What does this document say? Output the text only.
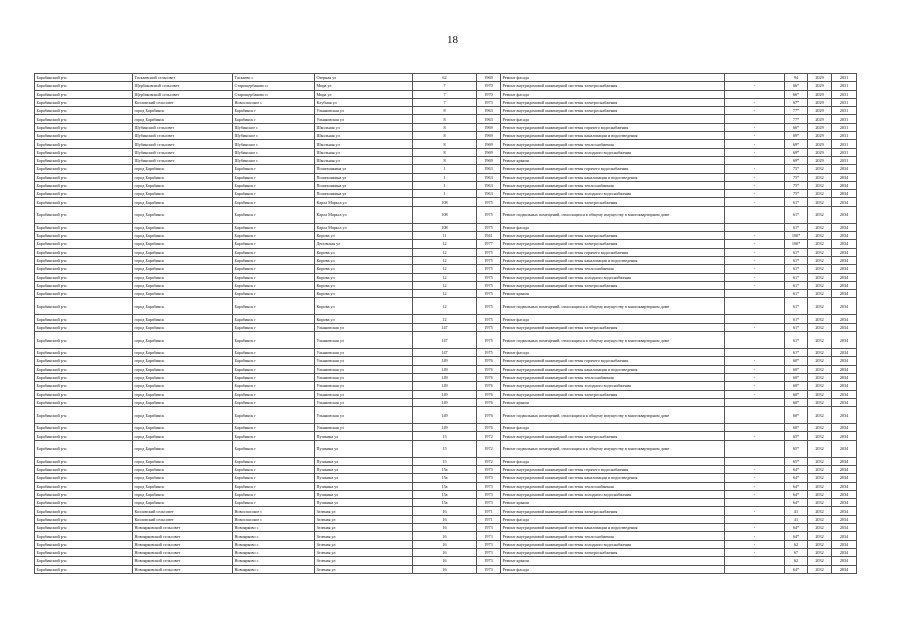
18
Барабинский р-н	Таскаевский сельсовет	Таскаево с	Озерная ул	62	1969	Ремонт фасада		94	2029	2031
Барабинский р-н	Щербаковский сельсовет	Старощербаково п	Мира ул	7	1970	Ремонт внутридомовой инженерной системы электроснабжения	-	66*	2029	2031
Барабинский р-н	Щербаковский сельсовет	Старощербаково п	Мира ул	7	1970	Ремонт фасада		66*	2029	2031
Барабинский р-н	Козловский сельсовет	Новоспасское с	Клубная ул	7	1973	Ремонт внутридомовой инженерной системы электроснабжения	-	67*	2029	2031
Барабинский р-н	город Барабинск	Барабинск г	Ульяновская ул	8	1963	Ремонт внутридомовой инженерной системы электроснабжения	-	77*	2029	2031
Барабинский р-н	город Барабинск	Барабинск г	Ульяновская ул	8	1963	Ремонт фасада		77*	2029	2031
Барабинский р-н	Шубинский сельсовет	Шубинское с	Школьная ул	8	1969	Ремонт внутридомовой инженерной системы горячего водоснабжения	-	66*	2029	2031
Барабинский р-н	Шубинский сельсовет	Шубинское с	Школьная ул	8	1969	Ремонт внутридомовой инженерной системы канализации и водоотведения	-	69*	2029	2031
Барабинский р-н	Шубинский сельсовет	Шубинское с	Школьная ул	8	1969	Ремонт внутридомовой инженерной системы теплоснабжения	-	69*	2029	2031
Барабинский р-н	Шубинский сельсовет	Шубинское с	Школьная ул	8	1969	Ремонт внутридомовой инженерной системы холодного водоснабжения	-	69*	2029	2031
Барабинский р-н	Шубинский сельсовет	Шубинское с	Школьная ул	8	1969	Ремонт крыши		69*	2029	2031
Барабинский р-н	город Барабинск	Барабинск г	Пошехонкина ул	1	1963	Ремонт внутридомовой инженерной системы горячего водоснабжения	-	75*	2032	2034
Барабинский р-н	город Барабинск	Барабинск г	Пошехонкина ул	1	1963	Ремонт внутридомовой инженерной системы канализации и водоотведения	-	75*	2032	2034
Барабинский р-н	город Барабинск	Барабинск г	Пошехонкина ул	1	1963	Ремонт внутридомовой инженерной системы теплоснабжения	-	75*	2032	2034
Барабинский р-н	город Барабинск	Барабинск г	Пошехонкина ул	1	1963	Ремонт внутридомовой инженерной системы холодного водоснабжения	-	75*	2032	2034
Барабинский р-н	город Барабинск	Барабинск г	Карла Маркса ул	108	1975	Ремонт внутридомовой инженерной системы электроснабжения	-	61*	2032	2034
Барабинский р-н	город Барабинск	Барабинск г	Карла Маркса ул	108	1975	Ремонт подвальных помещений, относящихся к общему имуществу в многоквартирном доме		61*	2032	2034
Барабинский р-н	город Барабинск	Барабинск г	Карла Маркса ул	108	1975	Ремонт фасада		61*	2032	2034
Барабинский р-н	город Барабинск	Барабинск г	Кирова ул	11	1941	Ремонт внутридомовой инженерной системы электроснабжения	-	100*	2032	2034
Барабинский р-н	город Барабинск	Барабинск г	Деповская ул	12	1977	Ремонт внутридомовой инженерной системы электроснабжения	-	100*	2032	2034
Барабинский р-н	город Барабинск	Барабинск г	Кирова ул	12	1975	Ремонт внутридомовой инженерной системы горячего водоснабжения	-	61*	2032	2034
Барабинский р-н	город Барабинск	Барабинск г	Кирова ул	12	1975	Ремонт внутридомовой инженерной системы канализации и водоотведения	-	61*	2032	2034
Барабинский р-н	город Барабинск	Барабинск г	Кирова ул	12	1975	Ремонт внутридомовой инженерной системы теплоснабжения	-	61*	2032	2034
Барабинский р-н	город Барабинск	Барабинск г	Кирова ул	12	1975	Ремонт внутридомовой инженерной системы холодного водоснабжения	-	61*	2032	2034
Барабинский р-н	город Барабинск	Барабинск г	Кирова ул	12	1975	Ремонт внутридомовой инженерной системы электроснабжения	-	61*	2032	2034
Барабинский р-н	город Барабинск	Барабинск г	Кирова ул	12	1975	Ремонт крыши		61*	2032	2034
Барабинский р-н	город Барабинск	Барабинск г	Кирова ул	12	1975	Ремонт подвальных помещений, относящихся к общему имуществу в многоквартирном доме		61*	2032	2034
Барабинский р-н	город Барабинск	Барабинск г	Кирова ул	12	1975	Ремонт фасада		61*	2032	2034
Барабинский р-н	город Барабинск	Барабинск г	Ульяновская ул	147	1975	Ремонт внутридомовой инженерной системы электроснабжения	-	61*	2032	2034
Барабинский р-н	город Барабинск	Барабинск г	Ульяновская ул	147	1975	Ремонт подвальных помещений, относящихся к общему имуществу в многоквартирном доме		61*	2032	2034
Барабинский р-н	город Барабинск	Барабинск г	Ульяновская ул	147	1975	Ремонт фасада		61*	2032	2034
Барабинский р-н	город Барабинск	Барабинск г	Ульяновская ул	149	1976	Ремонт внутридомовой инженерной системы горячего водоснабжения	-	60*	2032	2034
Барабинский р-н	город Барабинск	Барабинск г	Ульяновская ул	149	1976	Ремонт внутридомовой инженерной системы канализации и водоотведения	-	60*	2032	2034
Барабинский р-н	город Барабинск	Барабинск г	Ульяновская ул	149	1976	Ремонт внутридомовой инженерной системы теплоснабжения	-	60*	2032	2034
Барабинский р-н	город Барабинск	Барабинск г	Ульяновская ул	149	1976	Ремонт внутридомовой инженерной системы холодного водоснабжения	-	60*	2032	2034
Барабинский р-н	город Барабинск	Барабинск г	Ульяновская ул	149	1976	Ремонт внутридомовой инженерной системы электроснабжения	-	60*	2032	2034
Барабинский р-н	город Барабинск	Барабинск г	Ульяновская ул	149	1976	Ремонт крыши		60*	2032	2034
Барабинский р-н	город Барабинск	Барабинск г	Ульяновская ул	149	1976	Ремонт подвальных помещений, относящихся к общему имуществу в многоквартирном доме		60*	2032	2034
Барабинский р-н	город Барабинск	Барабинск г	Ульяновская ул	149	1976	Ремонт фасада		60*	2032	2034
Барабинский р-н	город Барабинск	Барабинск г	Пушкина ул	15	1972	Ремонт внутридомовой инженерной системы электроснабжения	-	65*	2032	2034
Барабинский р-н	город Барабинск	Барабинск г	Пушкина ул	15	1972	Ремонт подвальных помещений, относящихся к общему имуществу в многоквартирном доме		65*	2032	2034
Барабинский р-н	город Барабинск	Барабинск г	Пушкина ул	15	1972	Ремонт фасада		65*	2032	2034
Барабинский р-н	город Барабинск	Барабинск г	Пушкина ул	15а	1973	Ремонт внутридомовой инженерной системы горячего водоснабжения	-	64*	2032	2034
Барабинский р-н	город Барабинск	Барабинск г	Пушкина ул	15а	1973	Ремонт внутридомовой инженерной системы канализации и водоотведения	-	64*	2032	2034
Барабинский р-н	город Барабинск	Барабинск г	Пушкина ул	15а	1973	Ремонт внутридомовой инженерной системы теплоснабжения	-	64*	2032	2034
Барабинский р-н	город Барабинск	Барабинск г	Пушкина ул	15а	1973	Ремонт внутридомовой инженерной системы холодного водоснабжения	-	64*	2032	2034
Барабинский р-н	город Барабинск	Барабинск г	Пушкина ул	15а	1973	Ремонт крыши		64*	2032	2034
Барабинский р-н	Козловский сельсовет	Новоспасское с	Зеленая ул	16	1971	Ремонт внутридомовой инженерной системы электроснабжения	-	41	2032	2034
Барабинский р-н	Козловский сельсовет	Новоспасское с	Зеленая ул	16	1971	Ремонт фасада		41	2032	2034
Барабинский р-н	Новоярковский сельсовет	Новоярково с	Зеленая ул	16	1973	Ремонт внутридомовой инженерной системы канализации и водоотведения	-	64*	2032	2034
Барабинский р-н	Новоярковский сельсовет	Новоярково с	Зеленая ул	16	1973	Ремонт внутридомовой инженерной системы теплоснабжения	-	64*	2032	2034
Барабинский р-н	Новоярковский сельсовет	Новоярково с	Зеленая ул	16	1973	Ремонт внутридомовой инженерной системы холодного водоснабжения	-	62	2032	2034
Барабинский р-н	Новоярковский сельсовет	Новоярково с	Зеленая ул	16	1973	Ремонт внутридомовой инженерной системы электроснабжения	-	67	2032	2034
Барабинский р-н	Новоярковский сельсовет	Новоярково с	Зеленая ул	16	1973	Ремонт крыши		62	2032	2034
Барабинский р-н	Новоярковский сельсовет	Новоярково с	Зеленая ул	16	1973	Ремонт фасада		64*	2032	2034
